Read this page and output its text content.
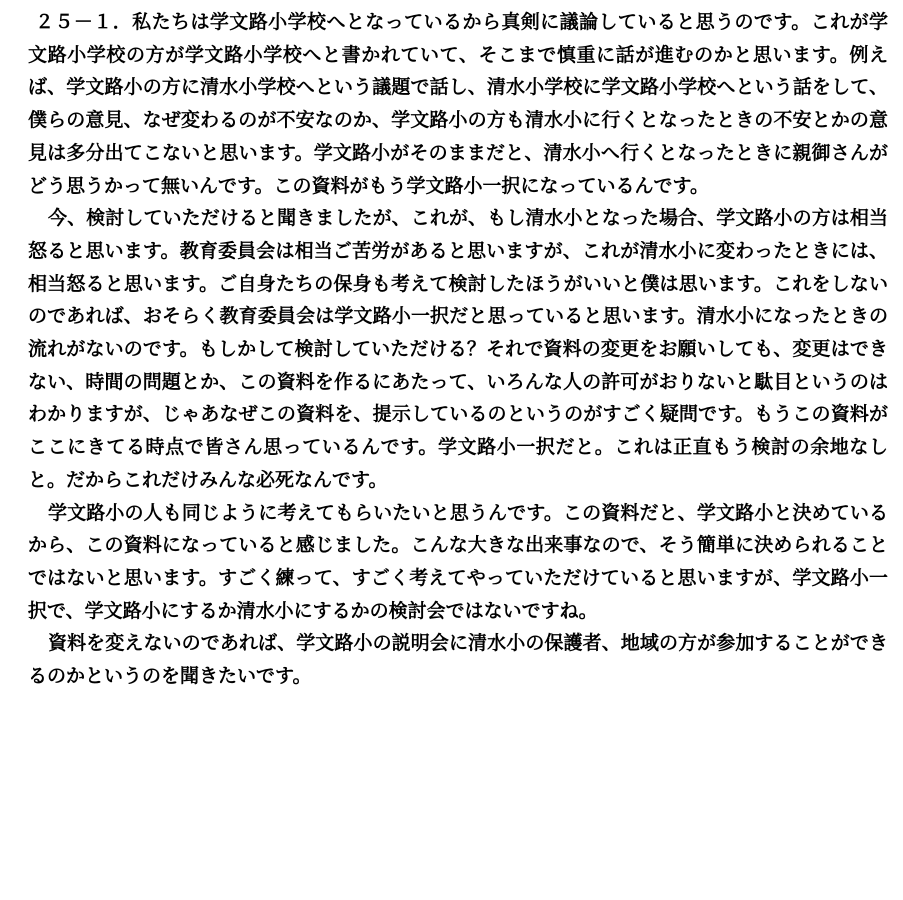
２５－１．私たちは学文路小学校へとなっているから真剣に議論していると思うのです。これが学文路小学校の方が学文路小学校へと書かれていて、そこまで慎重に話が進むのかと思います。例えば、学文路小の方に清水小学校へという議題で話し、清水小学校に学文路小学校へという話をして、僕らの意見、なぜ変わるのが不安なのか、学文路小の方も清水小に行くとなったときの不安とかの意見は多分出てこないと思います。学文路小がそのままだと、清水小へ行くとなったときに親御さんがどう思うかって無いんです。この資料がもう学文路小一択になっているんです。

今、検討していただけると聞きましたが、これが、もし清水小となった場合、学文路小の方は相当怒ると思います。教育委員会は相当ご苦労があると思いますが、これが清水小に変わったときには、相当怒ると思います。ご自身たちの保身も考えて検討したほうがいいと僕は思います。これをしないのであれば、おそらく教育委員会は学文路小一択だと思っていると思います。清水小になったときの流れがないのです。もしかして検討していただける？それで資料の変更をお願いしても、変更はできない、時間の問題とか、この資料を作るにあたって、いろんな人の許可がおりないと駄目というのはわかりますが、じゃあなぜこの資料を、提示しているのというのがすごく疑問です。もうこの資料がここにきてる時点で皆さん思っているんです。学文路小一択だと。これは正直もう検討の余地なしと。だからこれだけみんな必死なんです。

学文路小の人も同じように考えてもらいたいと思うんです。この資料だと、学文路小と決めているから、この資料になっていると感じました。こんな大きな出来事なので、そう簡単に決められることではないと思います。すごく練って、すごく考えてやっていただけていると思いますが、学文路小一択で、学文路小にするか清水小にするかの検討会ではないですね。

資料を変えないのであれば、学文路小の説明会に清水小の保護者、地域の方が参加することができるのかというのを聞きたいです。
